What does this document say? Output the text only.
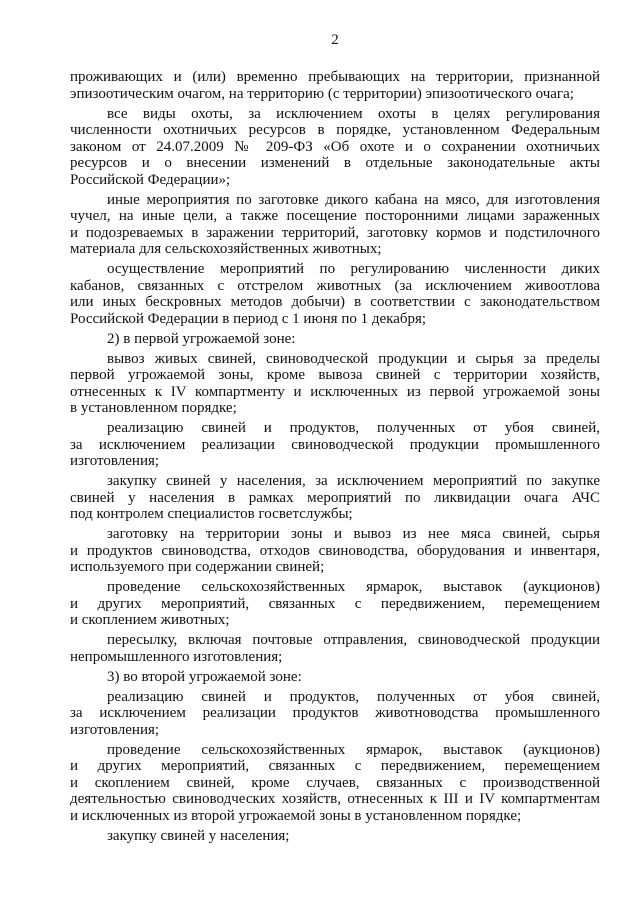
2

проживающих и (или) временно пребывающих на территории, признанной
эпизоотическим очагом, на территорию (с территории) эпизоотического очага;

все виды охоты, за исключением охоты в целях регулирования
численности охотничьих ресурсов в порядке, установленном Федеральным
законом от 24.07.2009 № 209-ФЗ «Об охоте и о сохранении охотничьих
ресурсов и о внесении изменений в отдельные законодательные акты
Российской Федерации»;

иные мероприятия по заготовке дикого кабана на мясо, для изготовления
чучел, на иные цели, а также посещение посторонними лицами зараженных
и подозреваемых в заражении территорий, заготовку кормов и подстилочного
материала для сельскохозяйственных животных;

осуществление мероприятий по регулированию численности диких
кабанов, связанных с отстрелом животных (за исключением живоотлова
или иных бескровных методов добычи) в соответствии с законодательством
Российской Федерации в период с 1 июня по 1 декабря;

2) в первой угрожаемой зоне:

вывоз живых свиней, свиноводческой продукции и сырья за пределы
первой угрожаемой зоны, кроме вывоза свиней с территории хозяйств,
отнесенных к IV компартменту и исключенных из первой угрожаемой зоны
в установленном порядке;

реализацию свиней и продуктов, полученных от убоя свиней,
за исключением реализации свиноводческой продукции промышленного
изготовления;

закупку свиней у населения, за исключением мероприятий по закупке
свиней у населения в рамках мероприятий по ликвидации очага АЧС
под контролем специалистов госветслужбы;

заготовку на территории зоны и вывоз из нее мяса свиней, сырья
и продуктов свиноводства, отходов свиноводства, оборудования и инвентаря,
используемого при содержании свиней;

проведение сельскохозяйственных ярмарок, выставок (аукционов)
и других мероприятий, связанных с передвижением, перемещением
и скоплением животных;

пересылку, включая почтовые отправления, свиноводческой продукции
непромышленного изготовления;

3) во второй угрожаемой зоне:

реализацию свиней и продуктов, полученных от убоя свиней,
за исключением реализации продуктов животноводства промышленного
изготовления;

проведение сельскохозяйственных ярмарок, выставок (аукционов)
и других мероприятий, связанных с передвижением, перемещением
и скоплением свиней, кроме случаев, связанных с производственной
деятельностью свиноводческих хозяйств, отнесенных к III и IV компартментам
и исключенных из второй угрожаемой зоны в установленном порядке;

закупку свиней у населения;
